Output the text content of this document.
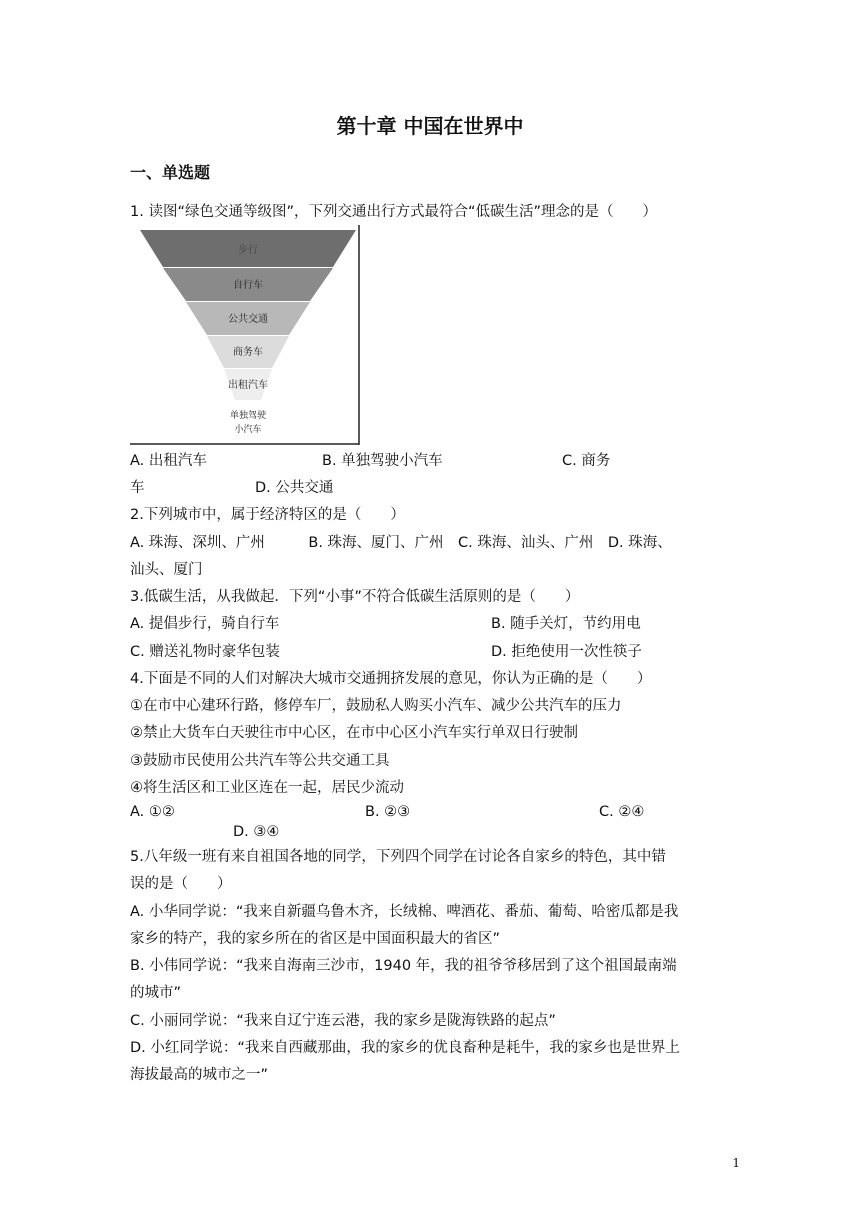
第十章 中国在世界中
一、单选题
1. 读图“绿色交通等级图”，下列交通出行方式最符合“低碳生活”理念的是（　　）
步行
自行车
公共交通
商务车
出租汽车
单独驾驶
小汽车
A. 出租汽车	B. 单独驾驶小汽车	C. 商务
车	D. 公共交通
2.下列城市中，属于经济特区的是（　　）
A. 珠海、深圳、广州　　　B. 珠海、厦门、广州　C. 珠海、汕头、广州　D. 珠海、
汕头、厦门
3.低碳生活，从我做起．下列“小事”不符合低碳生活原则的是（　　）
A. 提倡步行，骑自行车	B. 随手关灯，节约用电
C. 赠送礼物时豪华包装	D. 拒绝使用一次性筷子
4.下面是不同的人们对解决大城市交通拥挤发展的意见，你认为正确的是（　　）
①在市中心建环行路，修停车厂，鼓励私人购买小汽车、减少公共汽车的压力
②禁止大货车白天驶往市中心区，在市中心区小汽车实行单双日行驶制
③鼓励市民使用公共汽车等公共交通工具
④将生活区和工业区连在一起，居民少流动
A. ①②	B. ②③	C. ②④
D. ③④
5.八年级一班有来自祖国各地的同学，下列四个同学在讨论各自家乡的特色，其中错
误的是（　　）
A. 小华同学说：“我来自新疆乌鲁木齐，长绒棉、啤酒花、番茄、葡萄、哈密瓜都是我
家乡的特产，我的家乡所在的省区是中国面积最大的省区”
B. 小伟同学说：“我来自海南三沙市，1940 年，我的祖爷爷移居到了这个祖国最南端
的城市”
C. 小丽同学说：“我来自辽宁连云港，我的家乡是陇海铁路的起点”
D. 小红同学说：“我来自西藏那曲，我的家乡的优良畜种是耗牛，我的家乡也是世界上
海拔最高的城市之一”
1
